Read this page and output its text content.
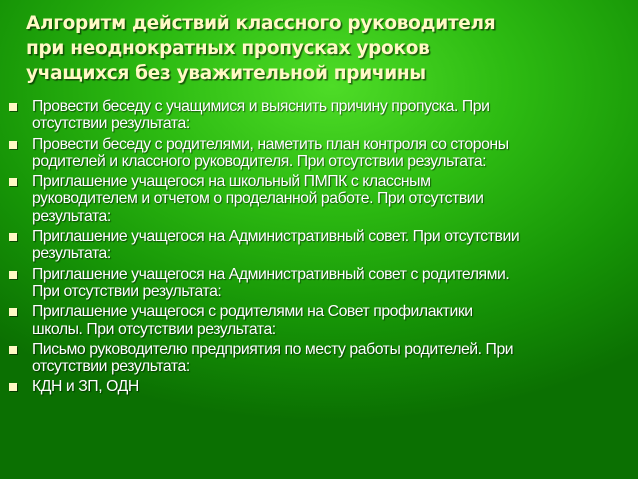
Алгоритм действий классного руководителя
при неоднократных пропусках уроков
учащихся без уважительной причины
Провести беседу с учащимися и выяснить причину пропуска. При
отсутствии результата:
Провести беседу с родителями, наметить план контроля со стороны
родителей и классного руководителя. При отсутствии результата:
Приглашение учащегося на школьный ПМПК с классным
руководителем и отчетом о проделанной работе. При отсутствии
результата:
Приглашение учащегося на Административный совет. При отсутствии
результата:
Приглашение учащегося на Административный совет с родителями.
При отсутствии результата:
Приглашение учащегося с родителями на Совет профилактики
школы. При отсутствии результата:
Письмо руководителю предприятия по месту работы родителей. При
отсутствии результата:
КДН и ЗП, ОДН
